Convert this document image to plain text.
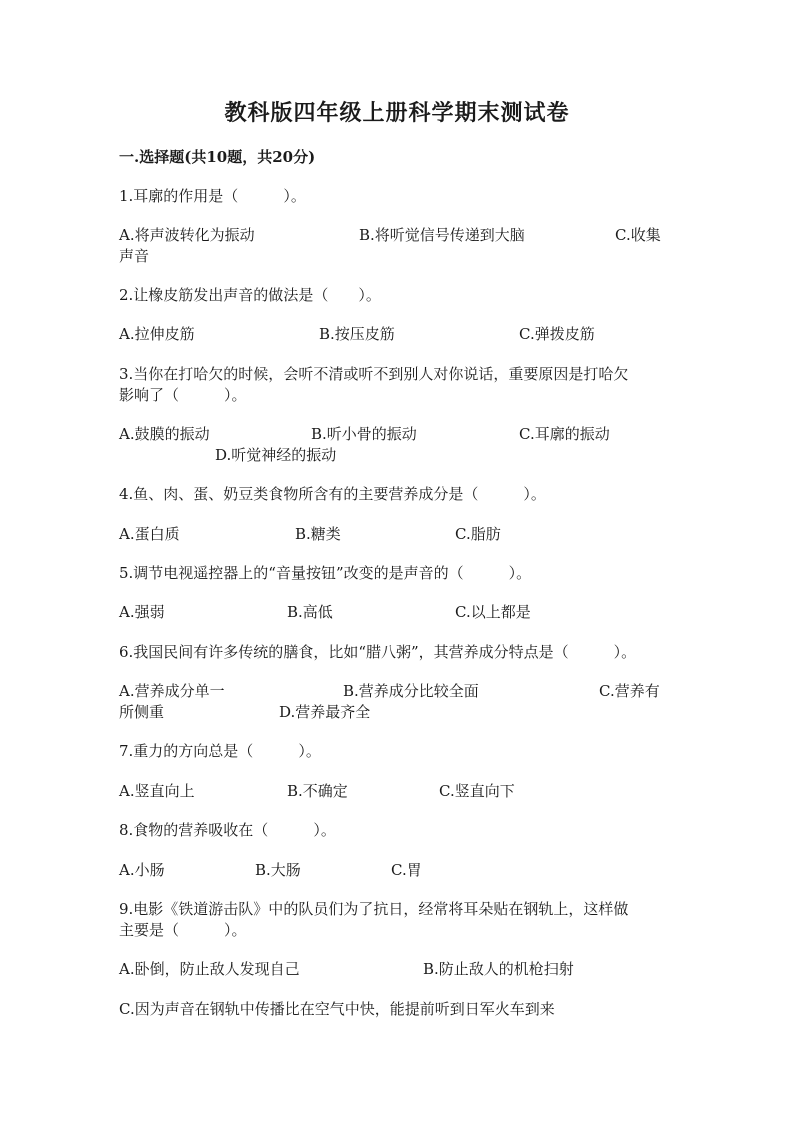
教科版四年级上册科学期末测试卷
一.选择题(共10题，共20分)
1.耳廓的作用是（　　　）。
A.将声波转化为振动	B.将听觉信号传递到大脑	C.收集
声音
2.让橡皮筋发出声音的做法是（　　）。
A.拉伸皮筋	B.按压皮筋	C.弹拨皮筋
3.当你在打哈欠的时候，会听不清或听不到别人对你说话，重要原因是打哈欠
影响了（　　　）。
A.鼓膜的振动	B.听小骨的振动	C.耳廓的振动
D.听觉神经的振动
4.鱼、肉、蛋、奶豆类食物所含有的主要营养成分是（　　　）。
A.蛋白质	B.糖类	C.脂肪
5.调节电视遥控器上的“音量按钮”改变的是声音的（　　　）。
A.强弱	B.高低	C.以上都是
6.我国民间有许多传统的膳食，比如“腊八粥”，其营养成分特点是（　　　）。
A.营养成分单一	B.营养成分比较全面	C.营养有
所侧重	D.营养最齐全
7.重力的方向总是（　　　）。
A.竖直向上	B.不确定	C.竖直向下
8.食物的营养吸收在（　　　）。
A.小肠	B.大肠	C.胃
9.电影《铁道游击队》中的队员们为了抗日，经常将耳朵贴在钢轨上，这样做
主要是（　　　）。
A.卧倒，防止敌人发现自己	B.防止敌人的机枪扫射
C.因为声音在钢轨中传播比在空气中快，能提前听到日军火车到来
